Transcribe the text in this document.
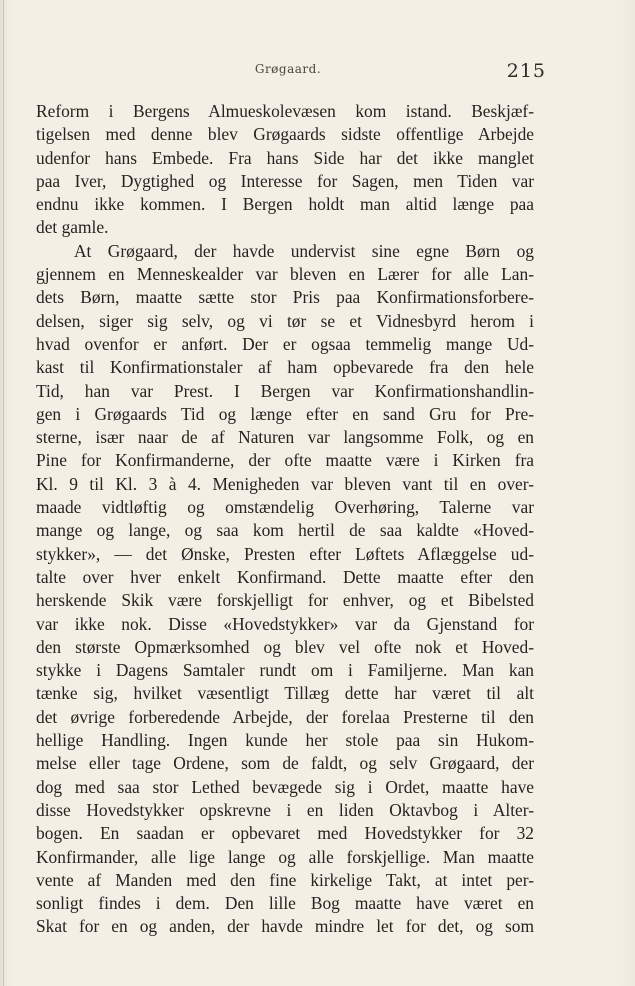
Grøgaard.	215
Reform i Bergens Almueskolevæsen kom istand. Beskjæf-
tigelsen med denne blev Grøgaards sidste offentlige Arbejde
udenfor hans Embede. Fra hans Side har det ikke manglet
paa Iver, Dygtighed og Interesse for Sagen, men Tiden var
endnu ikke kommen. I Bergen holdt man altid længe paa
det gamle.
At Grøgaard, der havde undervist sine egne Børn og
gjennem en Menneskealder var bleven en Lærer for alle Lan-
dets Børn, maatte sætte stor Pris paa Konfirmationsforbere-
delsen, siger sig selv, og vi tør se et Vidnesbyrd herom i
hvad ovenfor er anført. Der er ogsaa temmelig mange Ud-
kast til Konfirmationstaler af ham opbevarede fra den hele
Tid, han var Prest. I Bergen var Konfirmationshandlin-
gen i Grøgaards Tid og længe efter en sand Gru for Pre-
sterne, især naar de af Naturen var langsomme Folk, og en
Pine for Konfirmanderne, der ofte maatte være i Kirken fra
Kl. 9 til Kl. 3 à 4. Menigheden var bleven vant til en over-
maade vidtløftig og omstændelig Overhøring, Talerne var
mange og lange, og saa kom hertil de saa kaldte «Hoved-
stykker», — det Ønske, Presten efter Løftets Aflæggelse ud-
talte over hver enkelt Konfirmand. Dette maatte efter den
herskende Skik være forskjelligt for enhver, og et Bibelsted
var ikke nok. Disse «Hovedstykker» var da Gjenstand for
den største Opmærksomhed og blev vel ofte nok et Hoved-
stykke i Dagens Samtaler rundt om i Familjerne. Man kan
tænke sig, hvilket væsentligt Tillæg dette har været til alt
det øvrige forberedende Arbejde, der forelaa Presterne til den
hellige Handling. Ingen kunde her stole paa sin Hukom-
melse eller tage Ordene, som de faldt, og selv Grøgaard, der
dog med saa stor Lethed bevægede sig i Ordet, maatte have
disse Hovedstykker opskrevne i en liden Oktavbog i Alter-
bogen. En saadan er opbevaret med Hovedstykker for 32
Konfirmander, alle lige lange og alle forskjellige. Man maatte
vente af Manden med den fine kirkelige Takt, at intet per-
sonligt findes i dem. Den lille Bog maatte have været en
Skat for en og anden, der havde mindre let for det, og som
